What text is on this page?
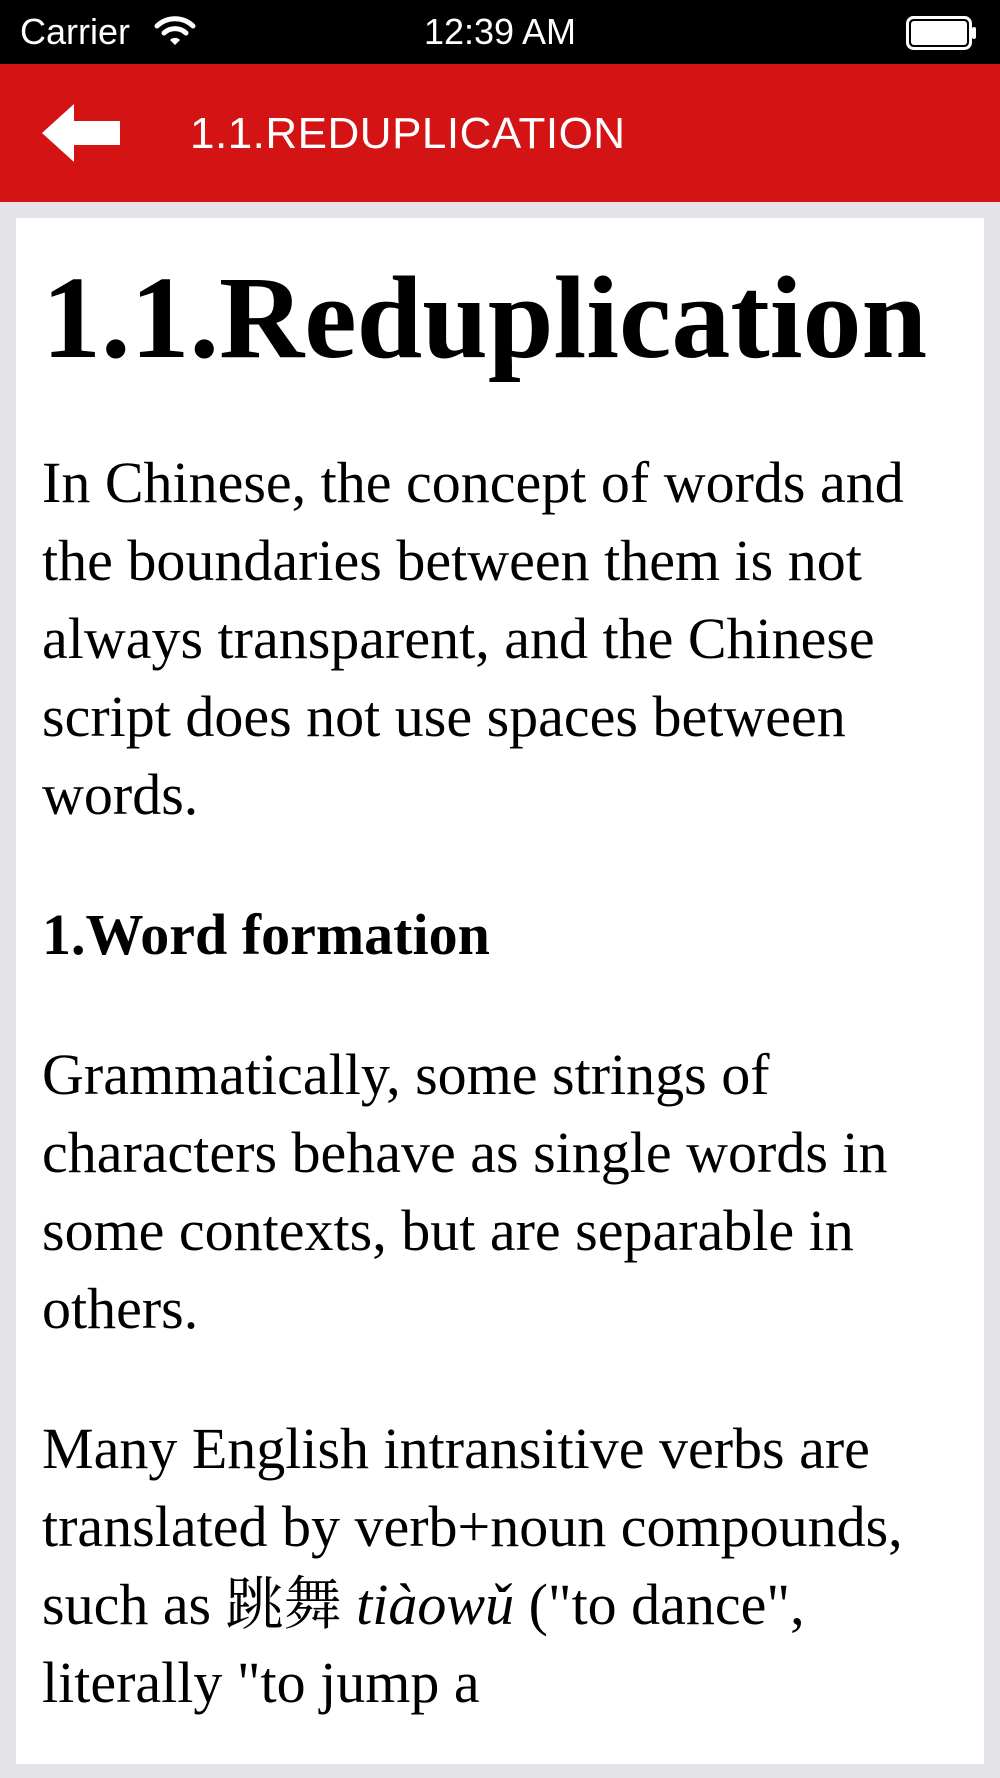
Carrier	12:39 AM
1.1.REDUPLICATION
1.1.Reduplication

In Chinese, the concept of words and the boundaries between them is not always transparent, and the Chinese script does not use spaces between words.

1.Word formation

Grammatically, some strings of characters behave as single words in some contexts, but are separable in others.

Many English intransitive verbs are translated by verb+noun compounds, such as 跳舞 tiàowǔ ("to dance", literally "to jump a
